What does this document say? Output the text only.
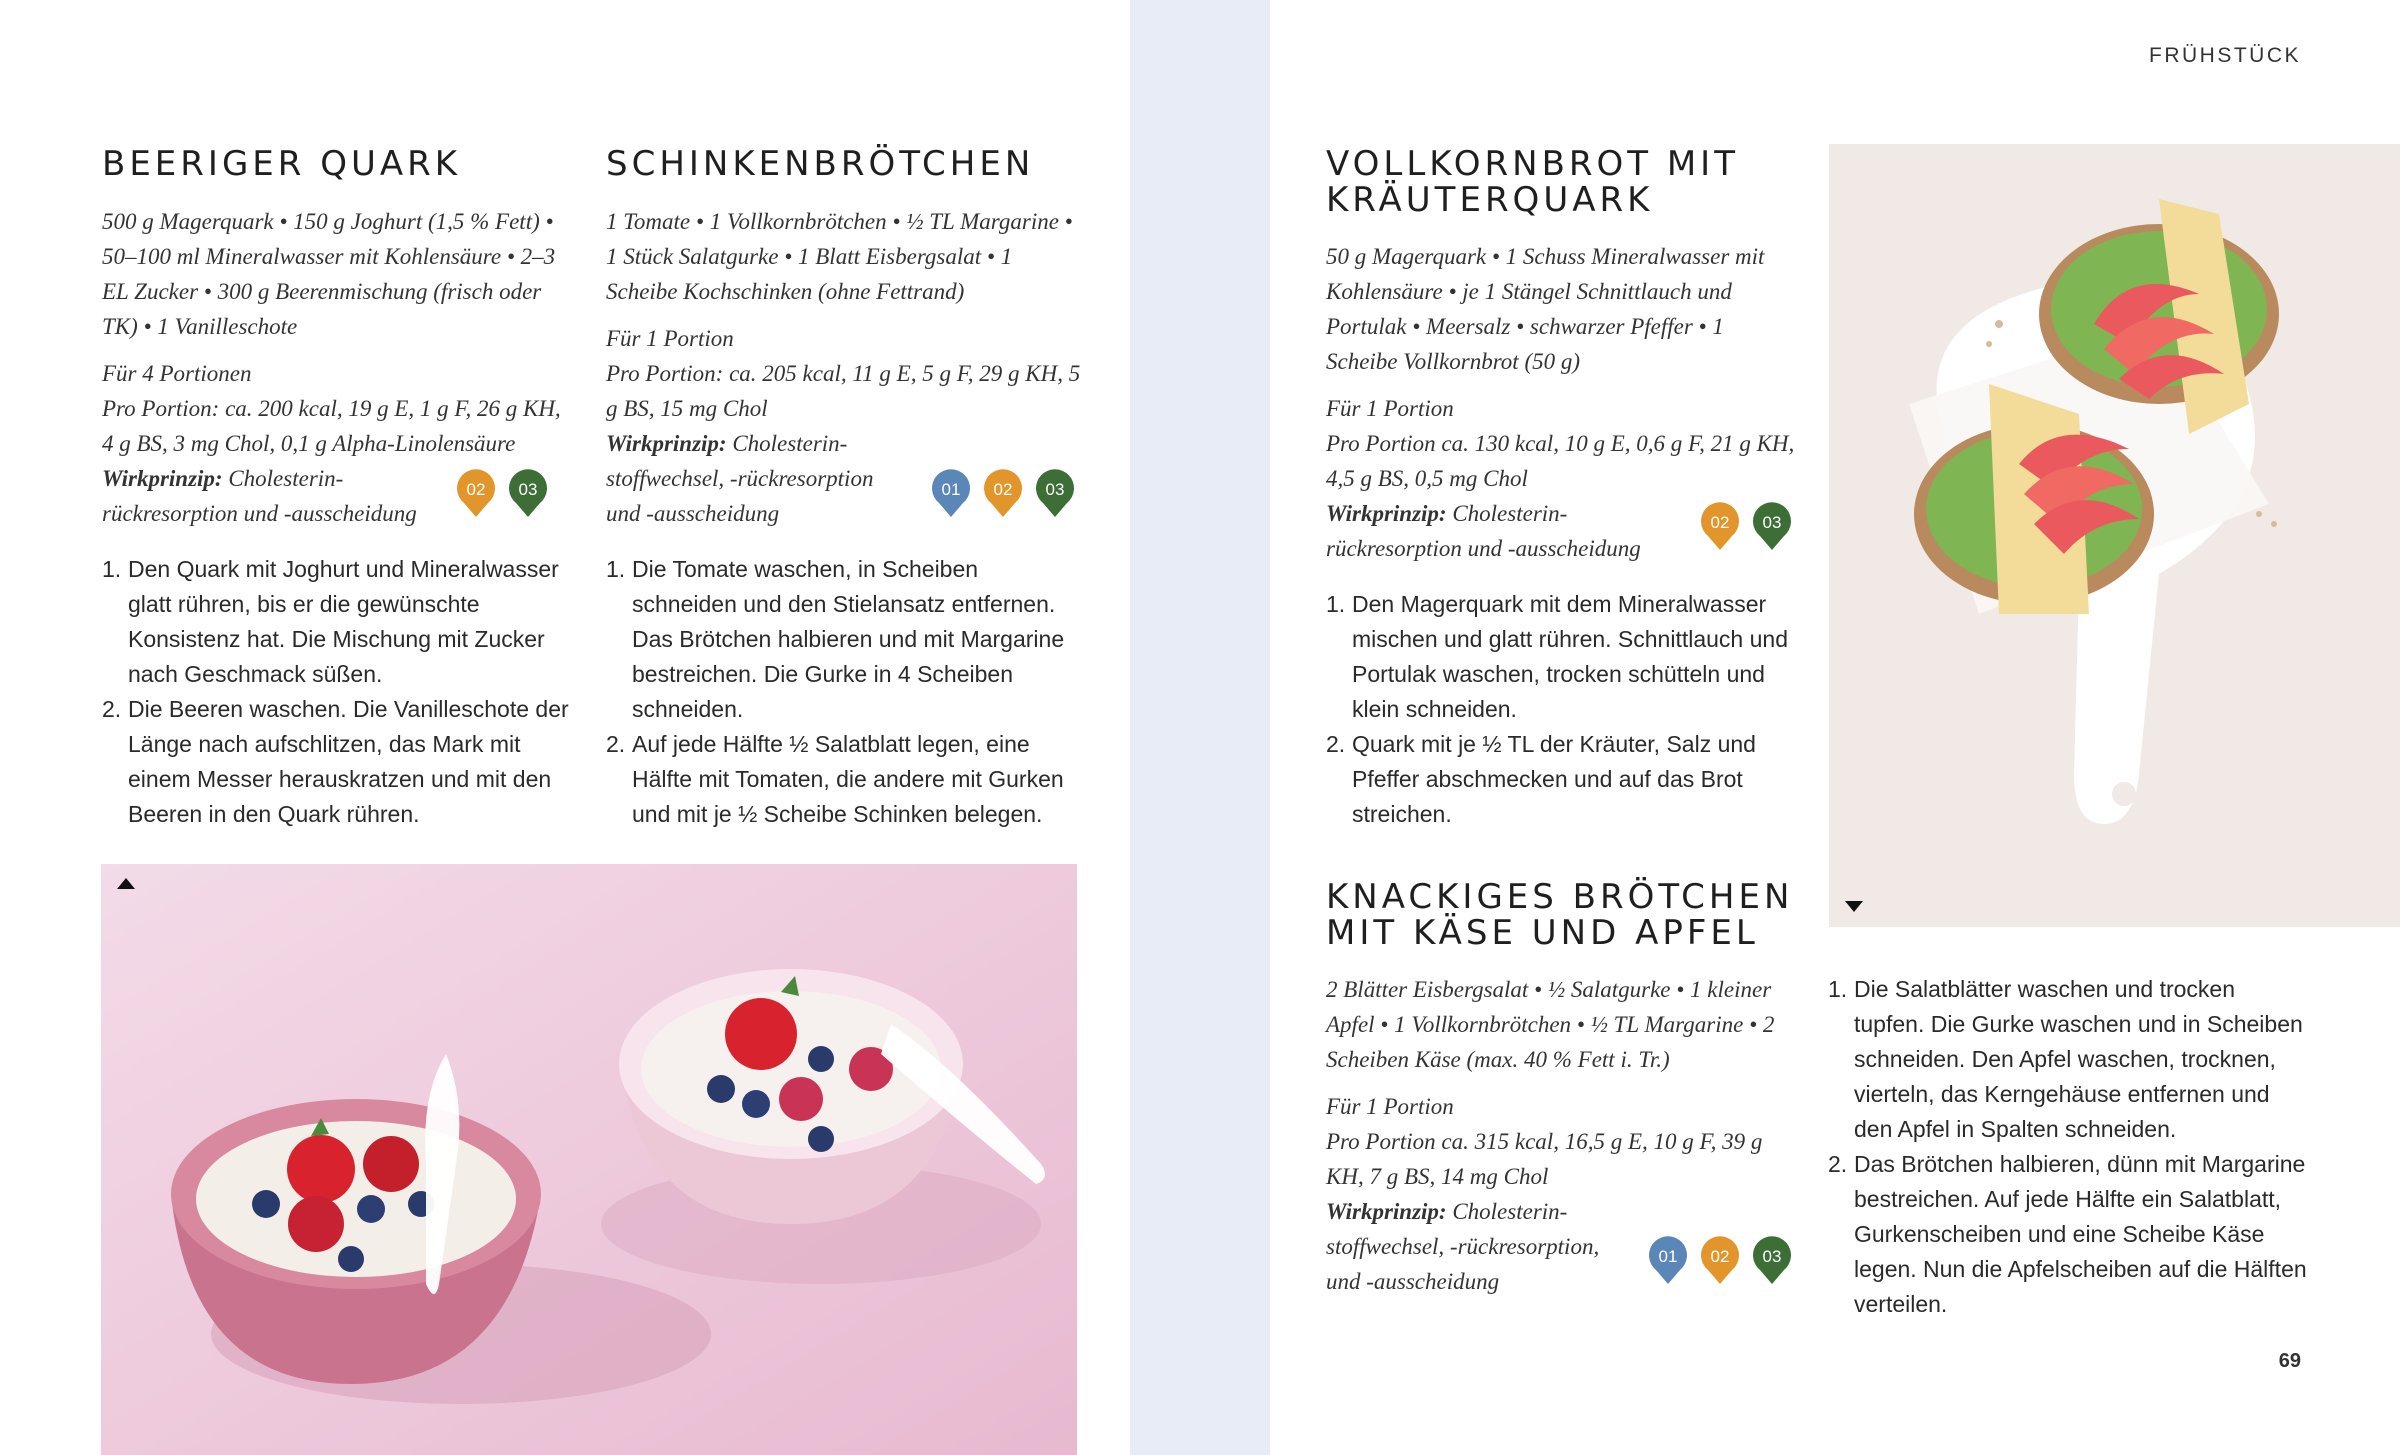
BEERIGER QUARK

500 g Magerquark • 150 g Joghurt (1,5 % Fett) • 50–100 ml Mineralwasser mit Kohlensäure • 2–3 EL Zucker • 300 g Beerenmischung (frisch oder TK) • 1 Vanilleschote

Für 4 Portionen

Pro Portion: ca. 200 kcal, 19 g E, 1 g F, 26 g KH, 4 g BS, 3 mg Chol, 0,1 g Alpha-Linolensäure

Wirkprinzip: Cholesterinrückresorption und -ausscheidung

02 03
1. Den Quark mit Joghurt und Mineralwasser glatt rühren, bis er die gewünschte Konsistenz hat. Die Mischung mit Zucker nach Geschmack süßen.
2. Die Beeren waschen. Die Vanilleschote der Länge nach aufschlitzen, das Mark mit einem Messer herauskratzen und mit den Beeren in den Quark rühren.
SCHINKENBRÖTCHEN

1 Tomate • 1 Vollkornbrötchen • ½ TL Margarine • 1 Stück Salatgurke • 1 Blatt Eisbergsalat • 1 Scheibe Kochschinken (ohne Fettrand)

Für 1 Portion

Pro Portion: ca. 205 kcal, 11 g E, 5 g F, 29 g KH, 5 g BS, 15 mg Chol

Wirkprinzip: Cholesterinstoffwechsel, -rückresorption und -ausscheidung

01 02 03
1. Die Tomate waschen, in Scheiben schneiden und den Stielansatz entfernen. Das Brötchen halbieren und mit Margarine bestreichen. Die Gurke in 4 Scheiben schneiden.
2. Auf jede Hälfte ½ Salatblatt legen, eine Hälfte mit Tomaten, die andere mit Gurken und mit je ½ Scheibe Schinken belegen.
FRÜHSTÜCK
VOLLKORNBROT MIT KRÄUTERQUARK

50 g Magerquark • 1 Schuss Mineralwasser mit Kohlensäure • je 1 Stängel Schnittlauch und Portulak • Meersalz • schwarzer Pfeffer • 1 Scheibe Vollkornbrot (50 g)

Für 1 Portion

Pro Portion ca. 130 kcal, 10 g E, 0,6 g F, 21 g KH, 4,5 g BS, 0,5 mg Chol

Wirkprinzip: Cholesterinrückresorption und -ausscheidung

02 03
1. Den Magerquark mit dem Mineralwasser mischen und glatt rühren. Schnittlauch und Portulak waschen, trocken schütteln und klein schneiden.
2. Quark mit je ½ TL der Kräuter, Salz und Pfeffer abschmecken und auf das Brot streichen.
KNACKIGES BRÖTCHEN MIT KÄSE UND APFEL

2 Blätter Eisbergsalat • ½ Salatgurke • 1 kleiner Apfel • 1 Vollkornbrötchen • ½ TL Margarine • 2 Scheiben Käse (max. 40 % Fett i. Tr.)

Für 1 Portion

Pro Portion ca. 315 kcal, 16,5 g E, 10 g F, 39 g KH, 7 g BS, 14 mg Chol

Wirkprinzip: Cholesterinstoffwechsel, -rückresorption, und -ausscheidung

01 02 03
1. Die Salatblätter waschen und trocken tupfen. Die Gurke waschen und in Scheiben schneiden. Den Apfel waschen, trocknen, vierteln, das Kerngehäuse entfernen und den Apfel in Spalten schneiden.
2. Das Brötchen halbieren, dünn mit Margarine bestreichen. Auf jede Hälfte ein Salatblatt, Gurkenscheiben und eine Scheibe Käse legen. Nun die Apfelscheiben auf die Hälften verteilen.
69
